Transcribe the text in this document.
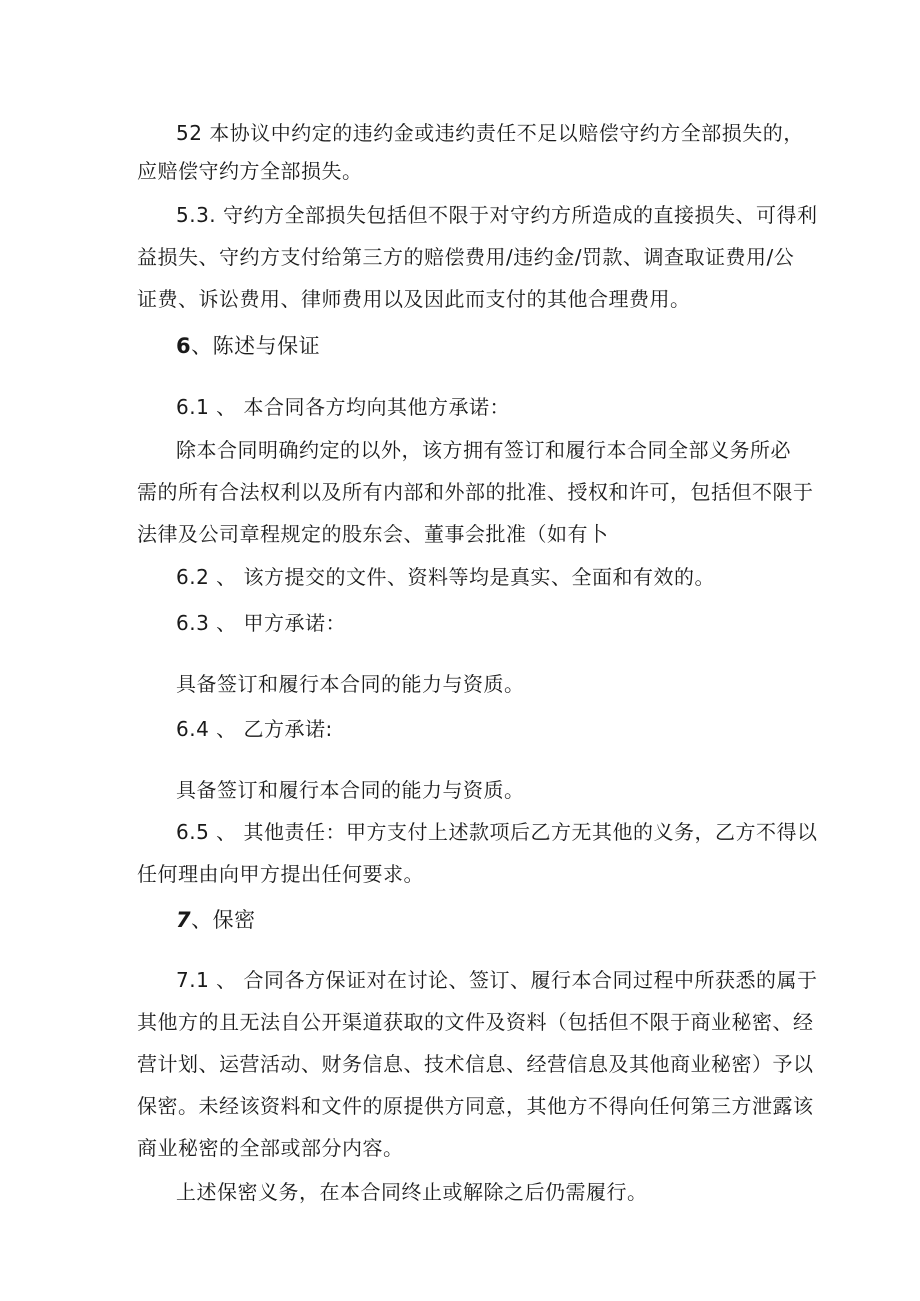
52 本协议中约定的违约金或违约责任不足以赔偿守约方全部损失的，
应赔偿守约方全部损失。
5.3. 守约方全部损失包括但不限于对守约方所造成的直接损失、可得利
益损失、守约方支付给第三方的赔偿费用/违约金/罚款、调查取证费用/公
证费、诉讼费用、律师费用以及因此而支付的其他合理费用。
6、陈述与保证
6.1 、 本合同各方均向其他方承诺：
除本合同明确约定的以外，该方拥有签订和履行本合同全部义务所必
需的所有合法权利以及所有内部和外部的批准、授权和许可，包括但不限于
法律及公司章程规定的股东会、董事会批准（如有卜
6.2 、 该方提交的文件、资料等均是真实、全面和有效的。
6.3 、 甲方承诺：
具备签订和履行本合同的能力与资质。
6.4 、 乙方承诺:
具备签订和履行本合同的能力与资质。
6.5 、 其他责任：甲方支付上述款项后乙方无其他的义务，乙方不得以
任何理由向甲方提出任何要求。
7、保密
7.1 、 合同各方保证对在讨论、签订、履行本合同过程中所获悉的属于
其他方的且无法自公开渠道获取的文件及资料（包括但不限于商业秘密、经
营计划、运营活动、财务信息、技术信息、经营信息及其他商业秘密）予以
保密。未经该资料和文件的原提供方同意，其他方不得向任何第三方泄露该
商业秘密的全部或部分内容。
上述保密义务，在本合同终止或解除之后仍需履行。
